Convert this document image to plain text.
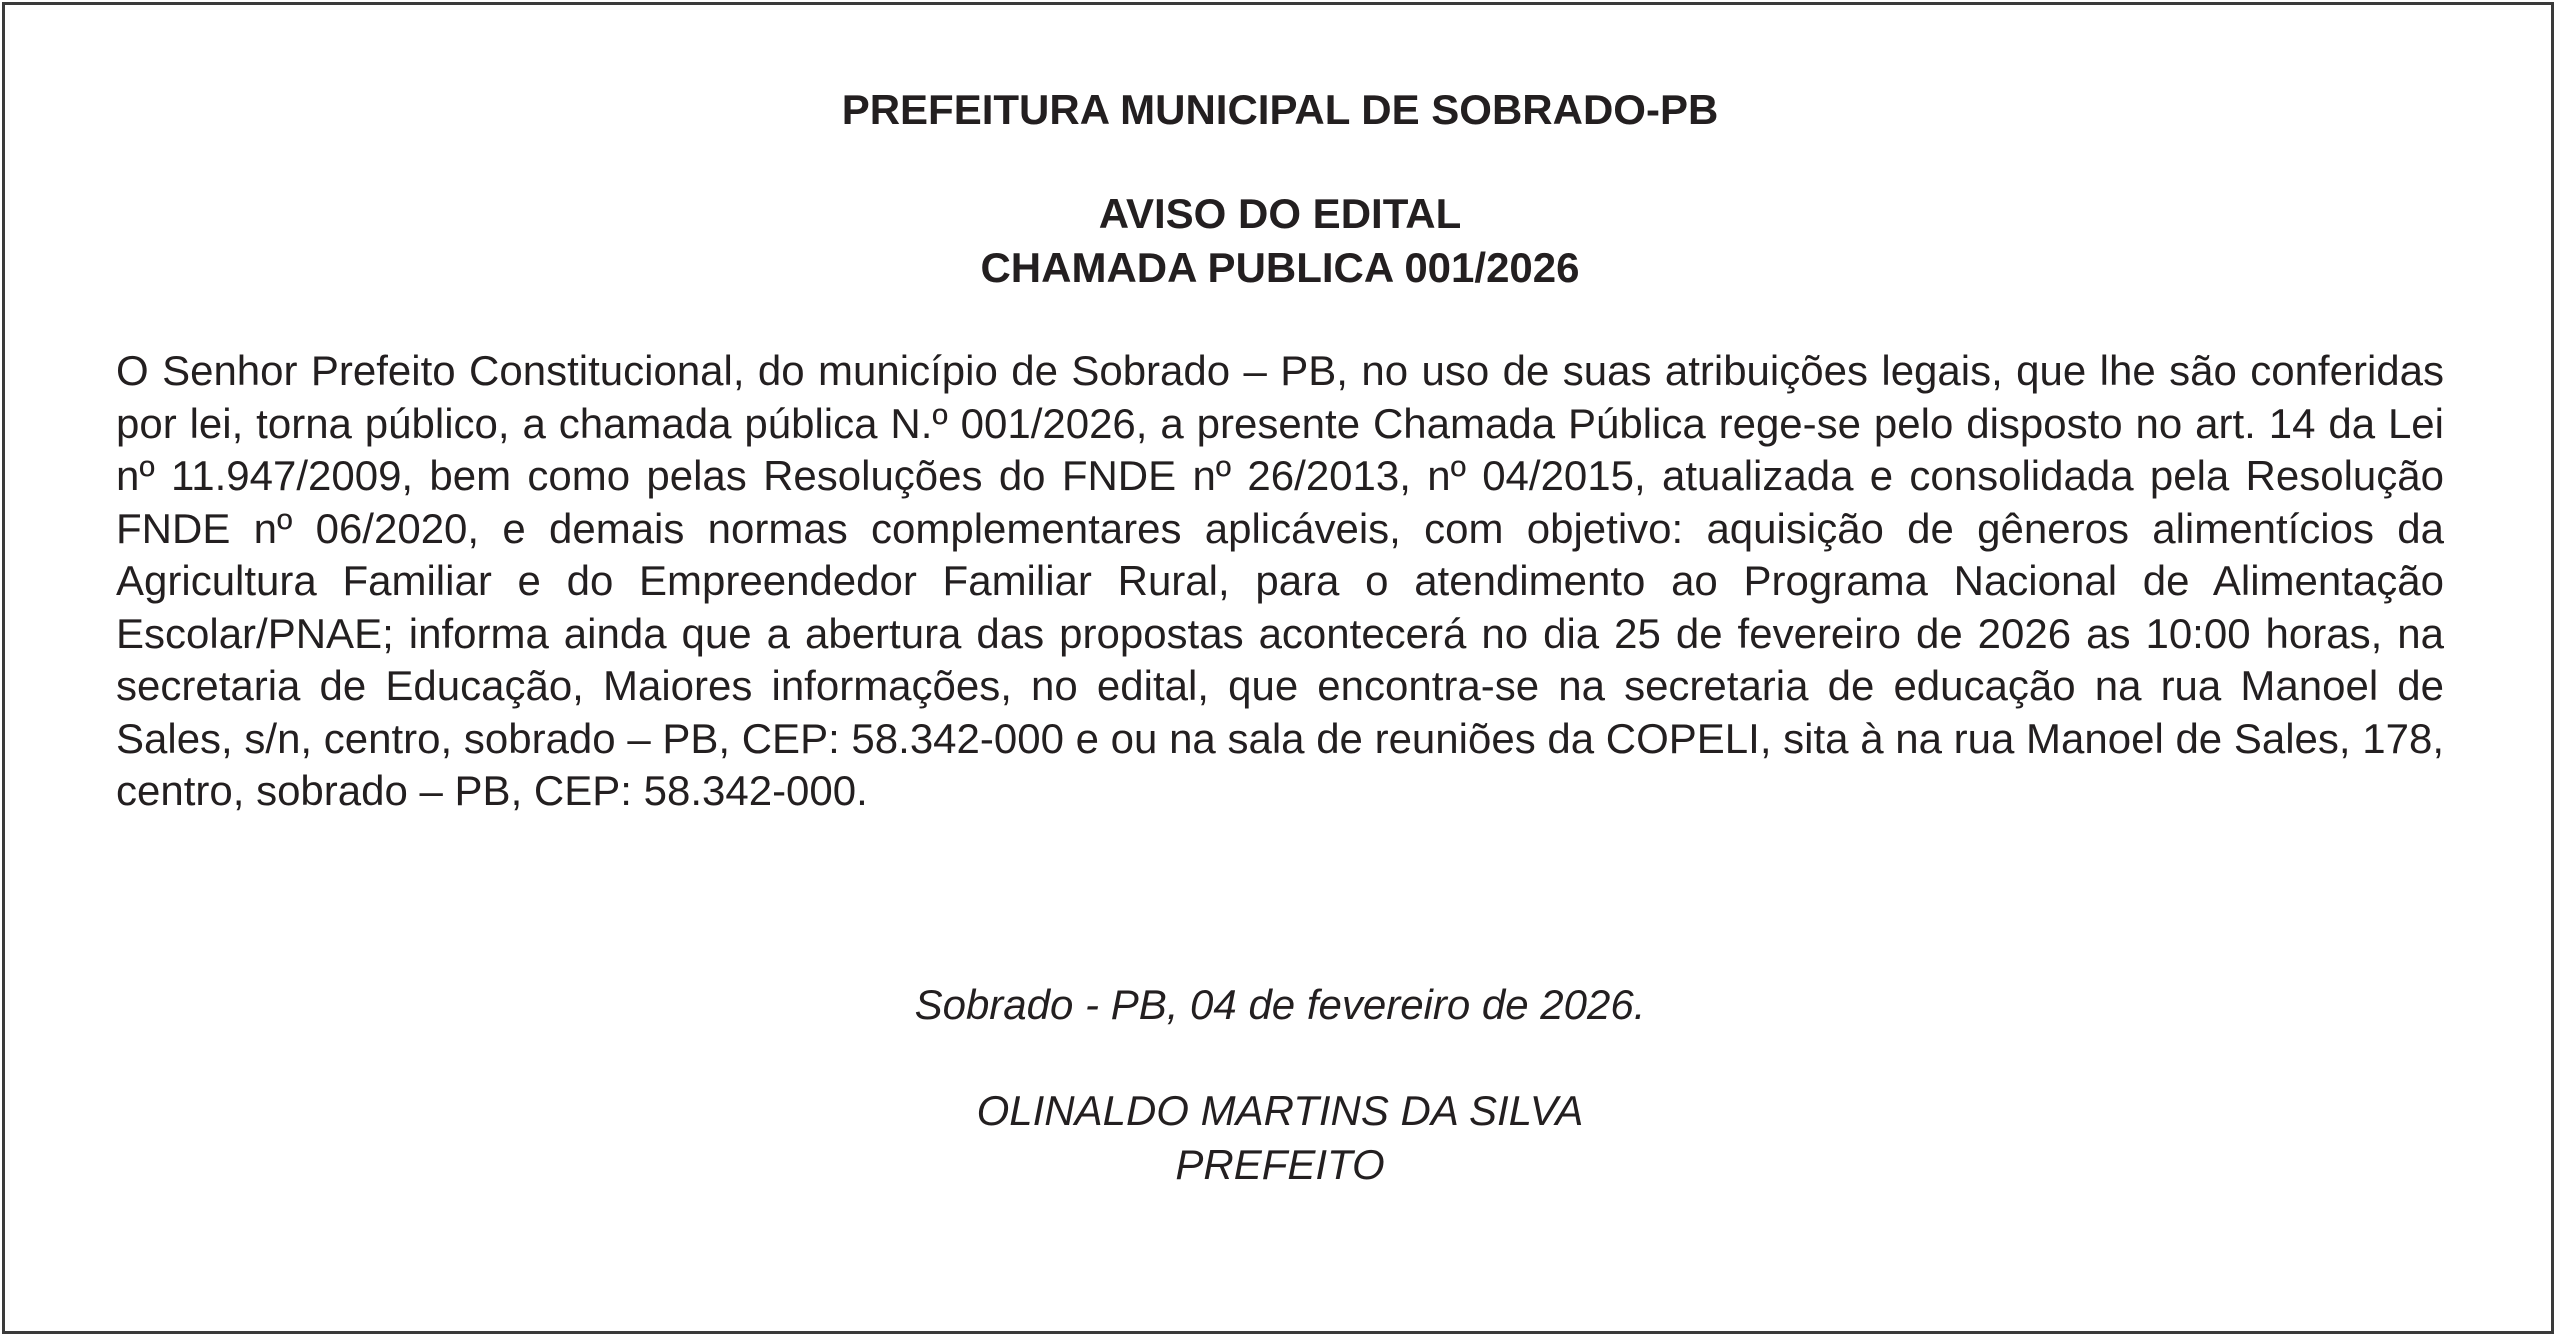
PREFEITURA MUNICIPAL DE SOBRADO-PB
AVISO DO EDITAL
CHAMADA PUBLICA 001/2026

O Senhor Prefeito Constitucional, do município de Sobrado – PB, no uso de suas atribuições legais, que lhe são conferidas por lei, torna público, a chamada pública N.º 001/2026, a presente Chamada Pública rege-se pelo disposto no art. 14 da Lei nº 11.947/2009, bem como pelas Resoluções do FNDE nº 26/2013, nº 04/2015, atualizada e consolidada pela Resolução FNDE nº 06/2020, e demais normas complementares aplicáveis, com objetivo: aquisição de gêneros alimentícios da Agricultura Familiar e do Empreendedor Familiar Rural, para o atendimento ao Programa Nacional de Alimentação Escolar/PNAE; informa ainda que a abertura das propostas acontecerá no dia 25 de fevereiro de 2026 as 10:00 horas, na secretaria de Educação, Maiores informações, no edital, que encontra-se na secretaria de educação na rua Manoel de Sales, s/n, centro, sobrado – PB, CEP: 58.342-000 e ou na sala de reuniões da COPELI, sita à na rua Manoel de Sales, 178, centro, sobrado – PB, CEP: 58.342-000.

Sobrado - PB, 04 de fevereiro de 2026.

OLINALDO MARTINS DA SILVA

PREFEITO
